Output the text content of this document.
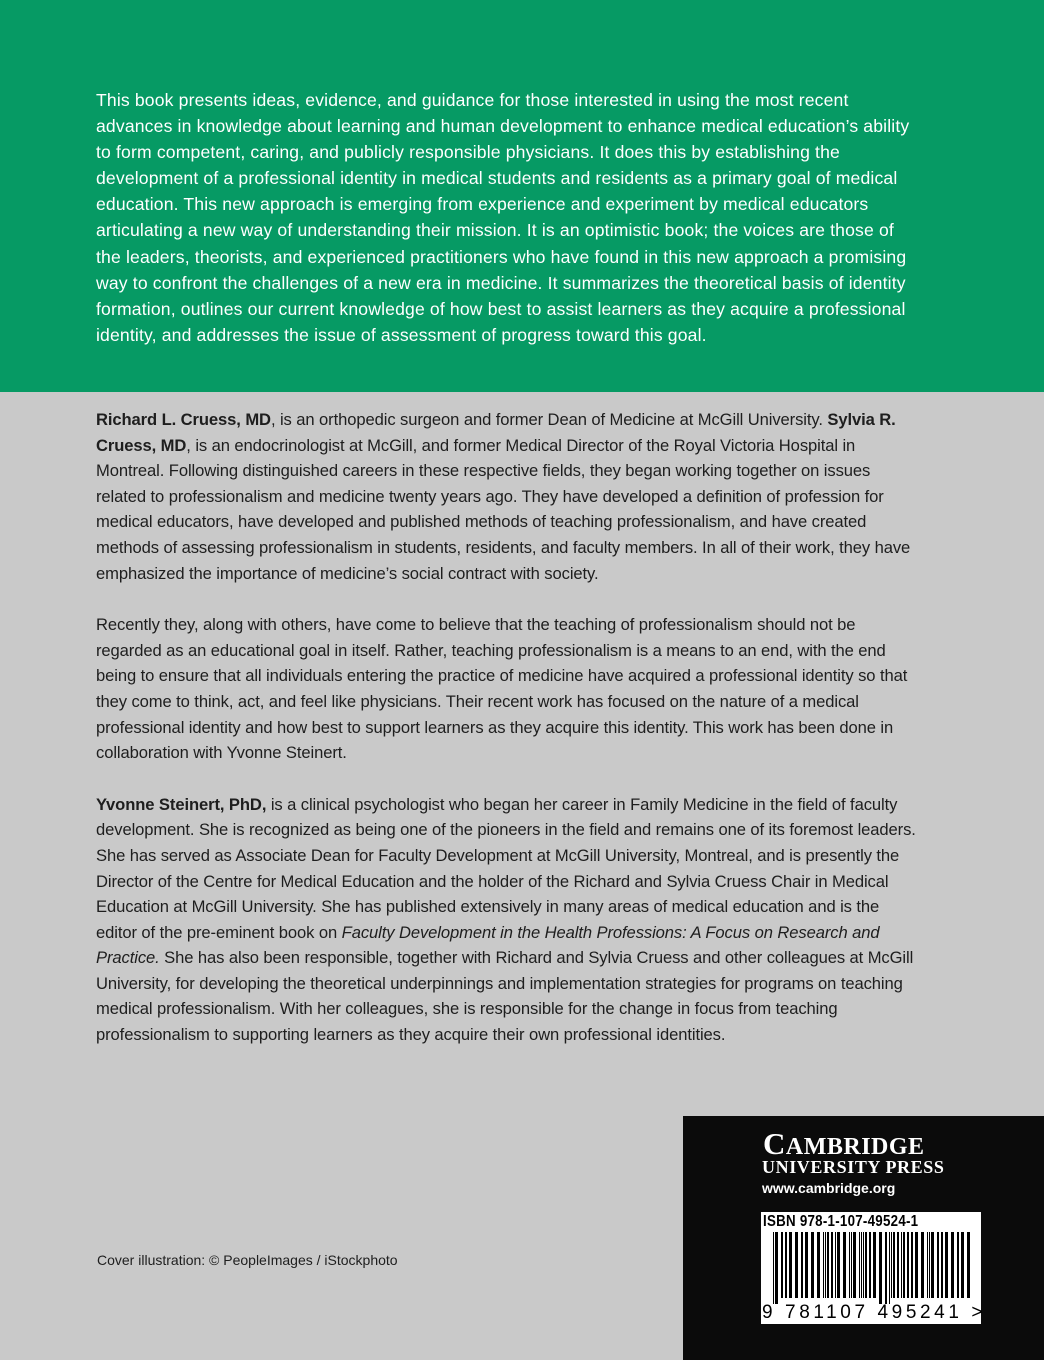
This book presents ideas, evidence, and guidance for those interested in using the most recent advances in knowledge about learning and human development to enhance medical education’s ability to form competent, caring, and publicly responsible physicians. It does this by establishing the development of a professional identity in medical students and residents as a primary goal of medical education. This new approach is emerging from experience and experiment by medical educators articulating a new way of understanding their mission. It is an optimistic book; the voices are those of the leaders, theorists, and experienced practitioners who have found in this new approach a promising way to confront the challenges of a new era in medicine. It summarizes the theoretical basis of identity formation, outlines our current knowledge of how best to assist learners as they acquire a professional identity, and addresses the issue of assessment of progress toward this goal.

Richard L. Cruess, MD, is an orthopedic surgeon and former Dean of Medicine at McGill University. Sylvia R. Cruess, MD, is an endocrinologist at McGill, and former Medical Director of the Royal Victoria Hospital in Montreal. Following distinguished careers in these respective fields, they began working together on issues related to professionalism and medicine twenty years ago. They have developed a definition of profession for medical educators, have developed and published methods of teaching professionalism, and have created methods of assessing professionalism in students, residents, and faculty members. In all of their work, they have emphasized the importance of medicine’s social contract with society.

Recently they, along with others, have come to believe that the teaching of professionalism should not be regarded as an educational goal in itself. Rather, teaching professionalism is a means to an end, with the end being to ensure that all individuals entering the practice of medicine have acquired a professional identity so that they come to think, act, and feel like physicians. Their recent work has focused on the nature of a medical professional identity and how best to support learners as they acquire this identity. This work has been done in collaboration with Yvonne Steinert.

Yvonne Steinert, PhD, is a clinical psychologist who began her career in Family Medicine in the field of faculty development. She is recognized as being one of the pioneers in the field and remains one of its foremost leaders. She has served as Associate Dean for Faculty Development at McGill University, Montreal, and is presently the Director of the Centre for Medical Education and the holder of the Richard and Sylvia Cruess Chair in Medical Education at McGill University. She has published extensively in many areas of medical education and is the editor of the pre-eminent book on Faculty Development in the Health Professions: A Focus on Research and Practice. She has also been responsible, together with Richard and Sylvia Cruess and other colleagues at McGill University, for developing the theoretical underpinnings and implementation strategies for programs on teaching medical professionalism. With her colleagues, she is responsible for the change in focus from teaching professionalism to supporting learners as they acquire their own professional identities.

Cover illustration: © PeopleImages / iStockphoto
CAMBRIDGE
UNIVERSITY PRESS
www.cambridge.org
ISBN 978-1-107-49524-1
9 781107 495241 >
